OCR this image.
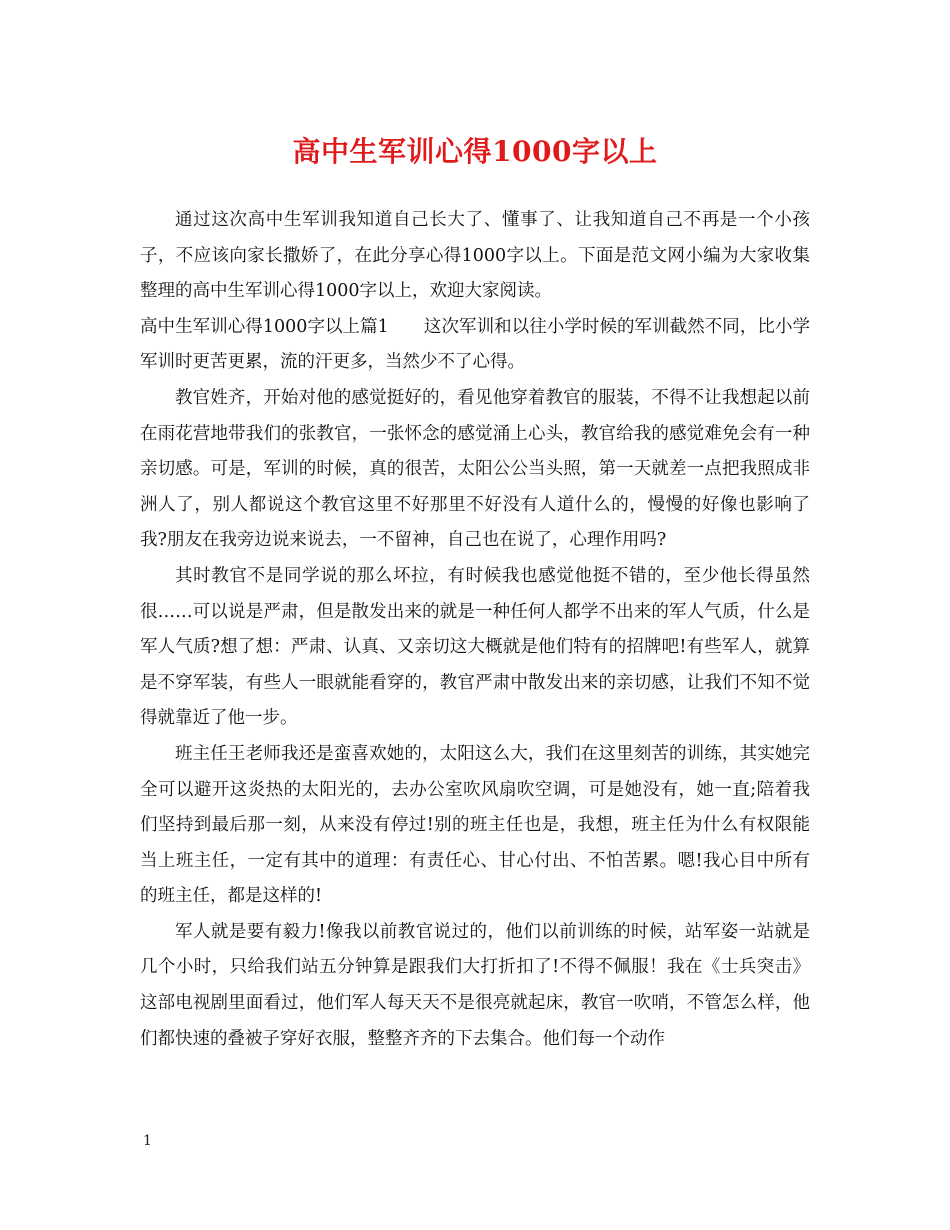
高中生军训心得1000字以上

通过这次高中生军训我知道自己长大了、懂事了、让我知道自己不再是一个小孩子，不应该向家长撒娇了，在此分享心得1000字以上。下面是范文网小编为大家收集整理的高中生军训心得1000字以上，欢迎大家阅读。

高中生军训心得1000字以上篇1　　这次军训和以往小学时候的军训截然不同，比小学军训时更苦更累，流的汗更多，当然少不了心得。

教官姓齐，开始对他的感觉挺好的，看见他穿着教官的服装，不得不让我想起以前在雨花营地带我们的张教官，一张怀念的感觉涌上心头，教官给我的感觉难免会有一种亲切感。可是，军训的时候，真的很苦，太阳公公当头照，第一天就差一点把我照成非洲人了，别人都说这个教官这里不好那里不好没有人道什么的，慢慢的好像也影响了我?朋友在我旁边说来说去，一不留神，自己也在说了，心理作用吗?

其时教官不是同学说的那么坏拉，有时候我也感觉他挺不错的，至少他长得虽然很……可以说是严肃，但是散发出来的就是一种任何人都学不出来的军人气质，什么是军人气质?想了想：严肃、认真、又亲切这大概就是他们特有的招牌吧!有些军人，就算是不穿军装，有些人一眼就能看穿的，教官严肃中散发出来的亲切感，让我们不知不觉得就靠近了他一步。

班主任王老师我还是蛮喜欢她的，太阳这么大，我们在这里刻苦的训练，其实她完全可以避开这炎热的太阳光的，去办公室吹风扇吹空调，可是她没有，她一直;陪着我们坚持到最后那一刻，从来没有停过!别的班主任也是，我想，班主任为什么有权限能当上班主任，一定有其中的道理：有责任心、甘心付出、不怕苦累。嗯!我心目中所有的班主任，都是这样的!

军人就是要有毅力!像我以前教官说过的，他们以前训练的时候，站军姿一站就是几个小时，只给我们站五分钟算是跟我们大打折扣了!不得不佩服！我在《士兵突击》这部电视剧里面看过，他们军人每天天不是很亮就起床，教官一吹哨，不管怎么样，他们都快速的叠被子穿好衣服，整整齐齐的下去集合。他们每一个动作

1
